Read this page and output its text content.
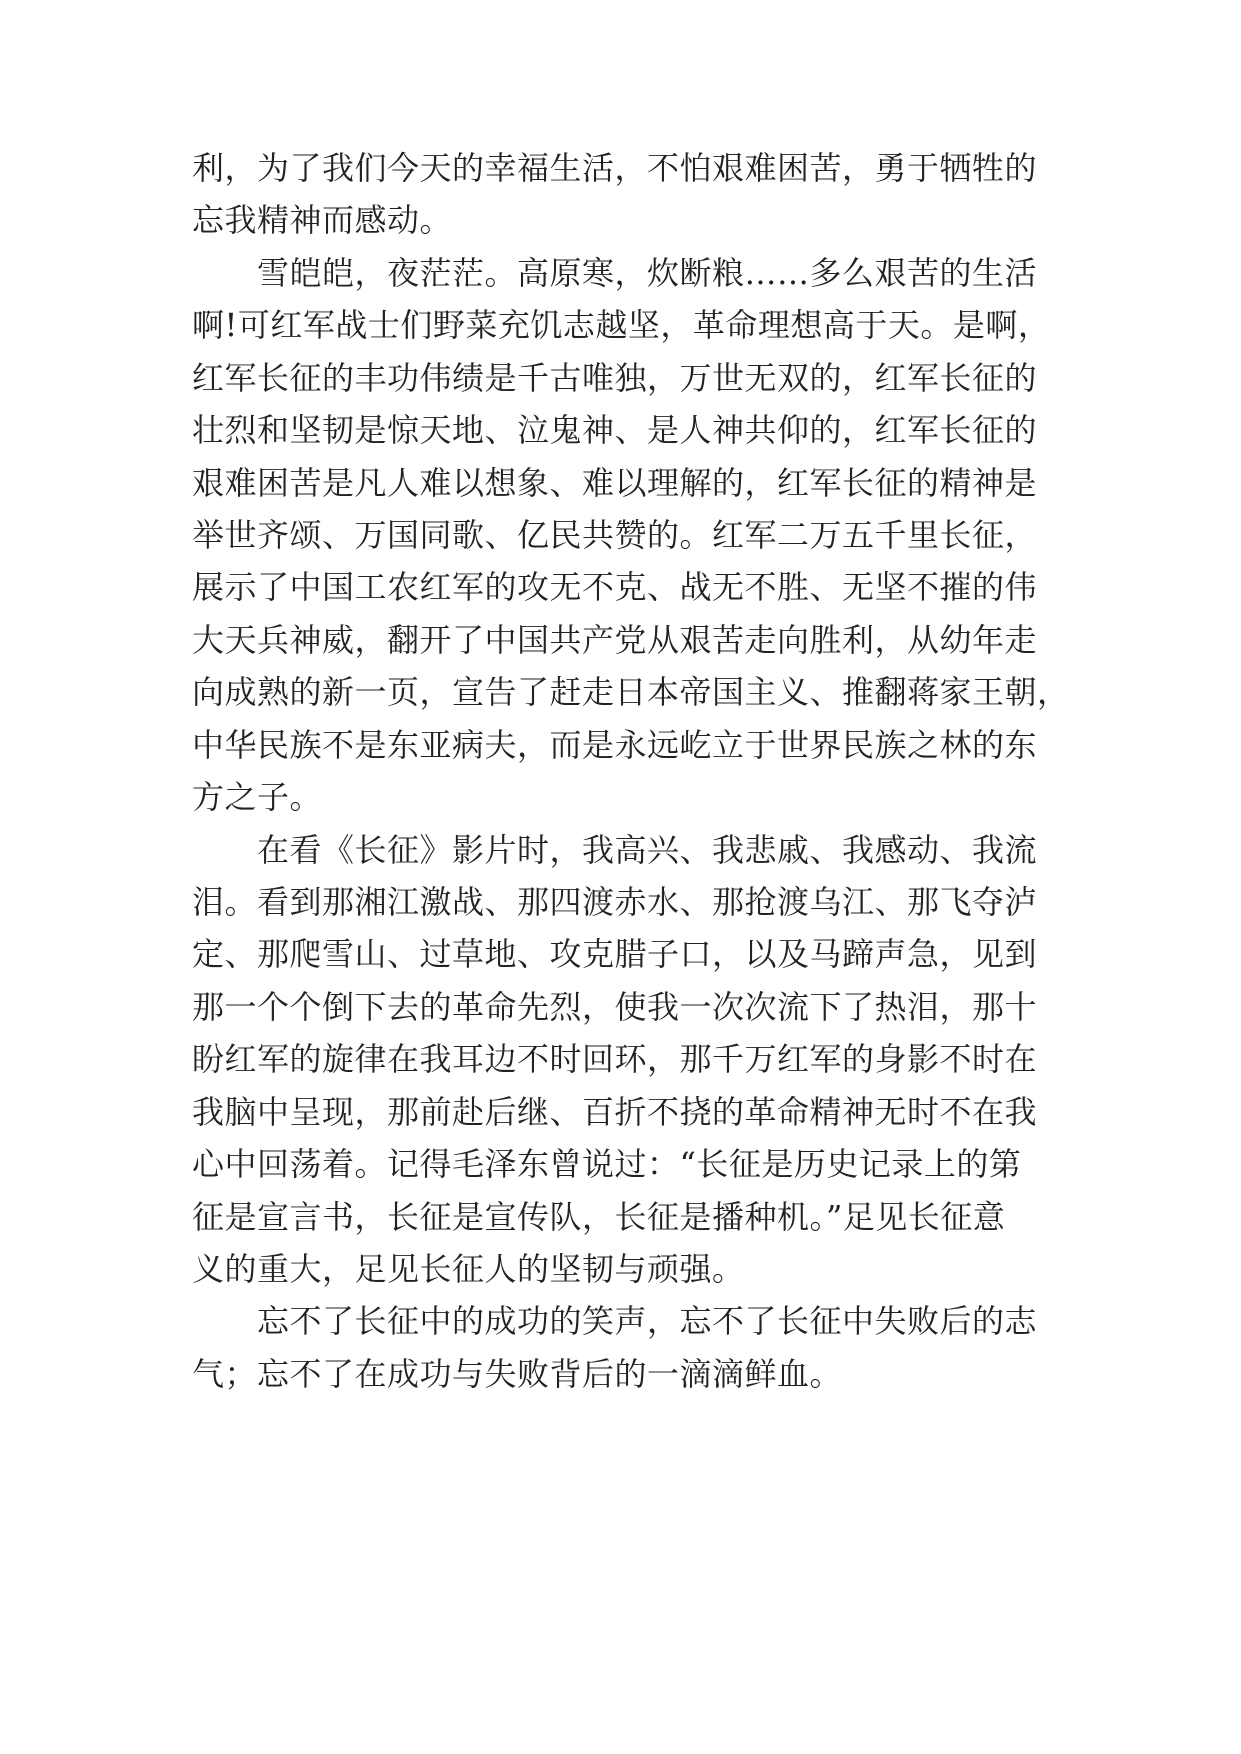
利，为了我们今天的幸福生活，不怕艰难困苦，勇于牺牲的
忘我精神而感动。
　　雪皑皑，夜茫茫。高原寒，炊断粮……多么艰苦的生活
啊!可红军战士们野菜充饥志越坚，革命理想高于天。是啊，
红军长征的丰功伟绩是千古唯独，万世无双的，红军长征的
壮烈和坚韧是惊天地、泣鬼神、是人神共仰的，红军长征的
艰难困苦是凡人难以想象、难以理解的，红军长征的精神是
举世齐颂、万国同歌、亿民共赞的。红军二万五千里长征，
展示了中国工农红军的攻无不克、战无不胜、无坚不摧的伟
大天兵神威，翻开了中国共产党从艰苦走向胜利，从幼年走
向成熟的新一页，宣告了赶走日本帝国主义、推翻蒋家王朝，
中华民族不是东亚病夫，而是永远屹立于世界民族之林的东
方之子。
　　在看《长征》影片时，我高兴、我悲戚、我感动、我流
泪。看到那湘江激战、那四渡赤水、那抢渡乌江、那飞夺泸
定、那爬雪山、过草地、攻克腊子口，以及马蹄声急，见到
那一个个倒下去的革命先烈，使我一次次流下了热泪，那十
盼红军的旋律在我耳边不时回环，那千万红军的身影不时在
我脑中呈现，那前赴后继、百折不挠的革命精神无时不在我
心中回荡着。记得毛泽东曾说过：“长征是历史记录上的第
征是宣言书，长征是宣传队，长征是播种机。”足见长征意
义的重大，足见长征人的坚韧与顽强。
　　忘不了长征中的成功的笑声，忘不了长征中失败后的志
气；忘不了在成功与失败背后的一滴滴鲜血。
